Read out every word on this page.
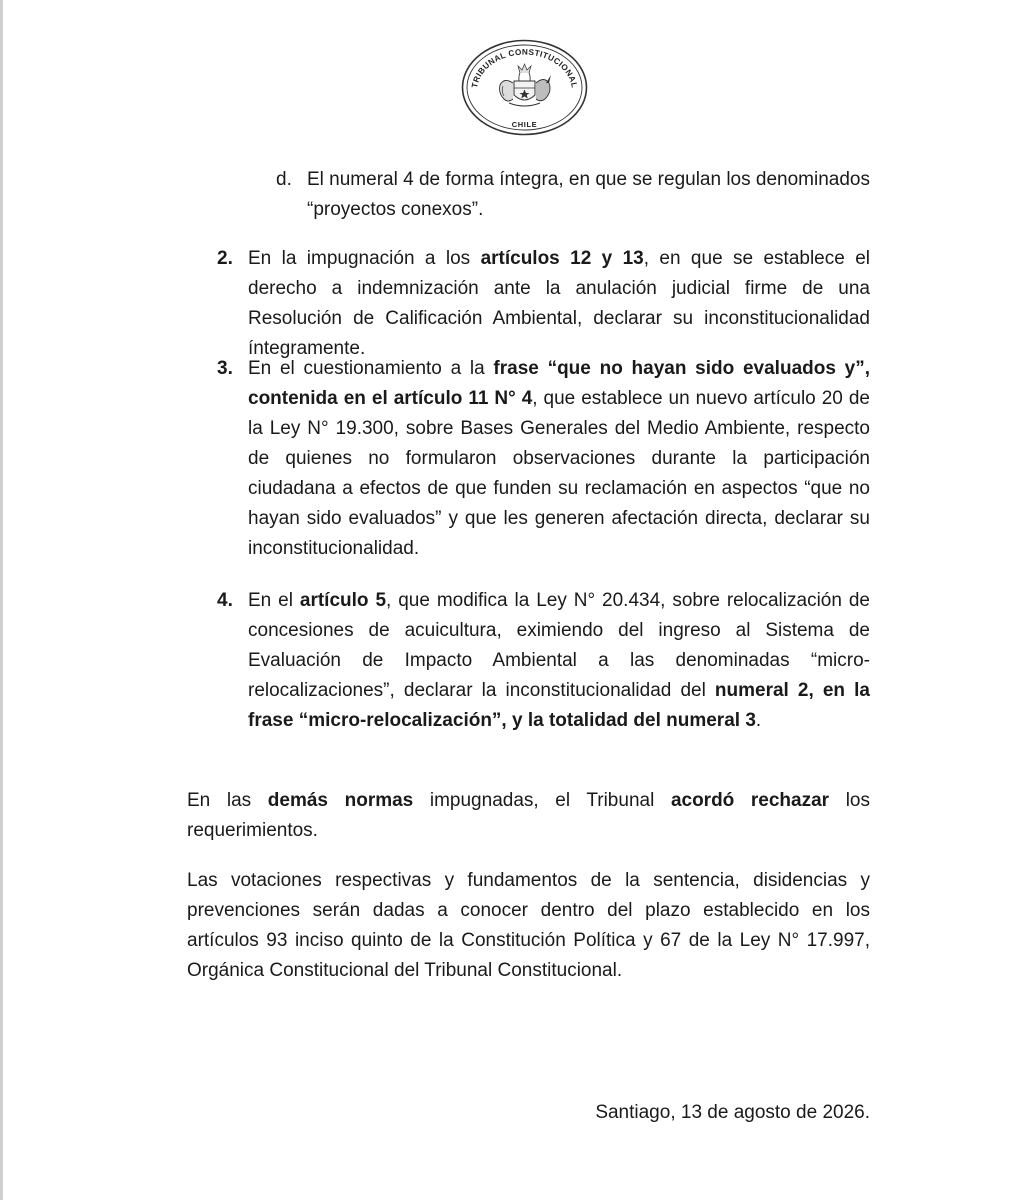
TRIBUNAL CONSTITUCIONAL
CHILE
d. El numeral 4 de forma íntegra, en que se regulan los denominados “proyectos conexos”.
2. En la impugnación a los artículos 12 y 13, en que se establece el derecho a indemnización ante la anulación judicial firme de una Resolución de Calificación Ambiental, declarar su inconstitucionalidad íntegramente.
3. En el cuestionamiento a la frase “que no hayan sido evaluados y”, contenida en el artículo 11 N° 4, que establece un nuevo artículo 20 de la Ley N° 19.300, sobre Bases Generales del Medio Ambiente, respecto de quienes no formularon observaciones durante la participación ciudadana a efectos de que funden su reclamación en aspectos “que no hayan sido evaluados” y que les generen afectación directa, declarar su inconstitucionalidad.
4. En el artículo 5, que modifica la Ley N° 20.434, sobre relocalización de concesiones de acuicultura, eximiendo del ingreso al Sistema de Evaluación de Impacto Ambiental a las denominadas “micro-relocalizaciones”, declarar la inconstitucionalidad del numeral 2, en la frase “micro-relocalización”, y la totalidad del numeral 3.
En las demás normas impugnadas, el Tribunal acordó rechazar los requerimientos.
Las votaciones respectivas y fundamentos de la sentencia, disidencias y prevenciones serán dadas a conocer dentro del plazo establecido en los artículos 93 inciso quinto de la Constitución Política y 67 de la Ley N° 17.997, Orgánica Constitucional del Tribunal Constitucional.
Santiago, 13 de agosto de 2026.
